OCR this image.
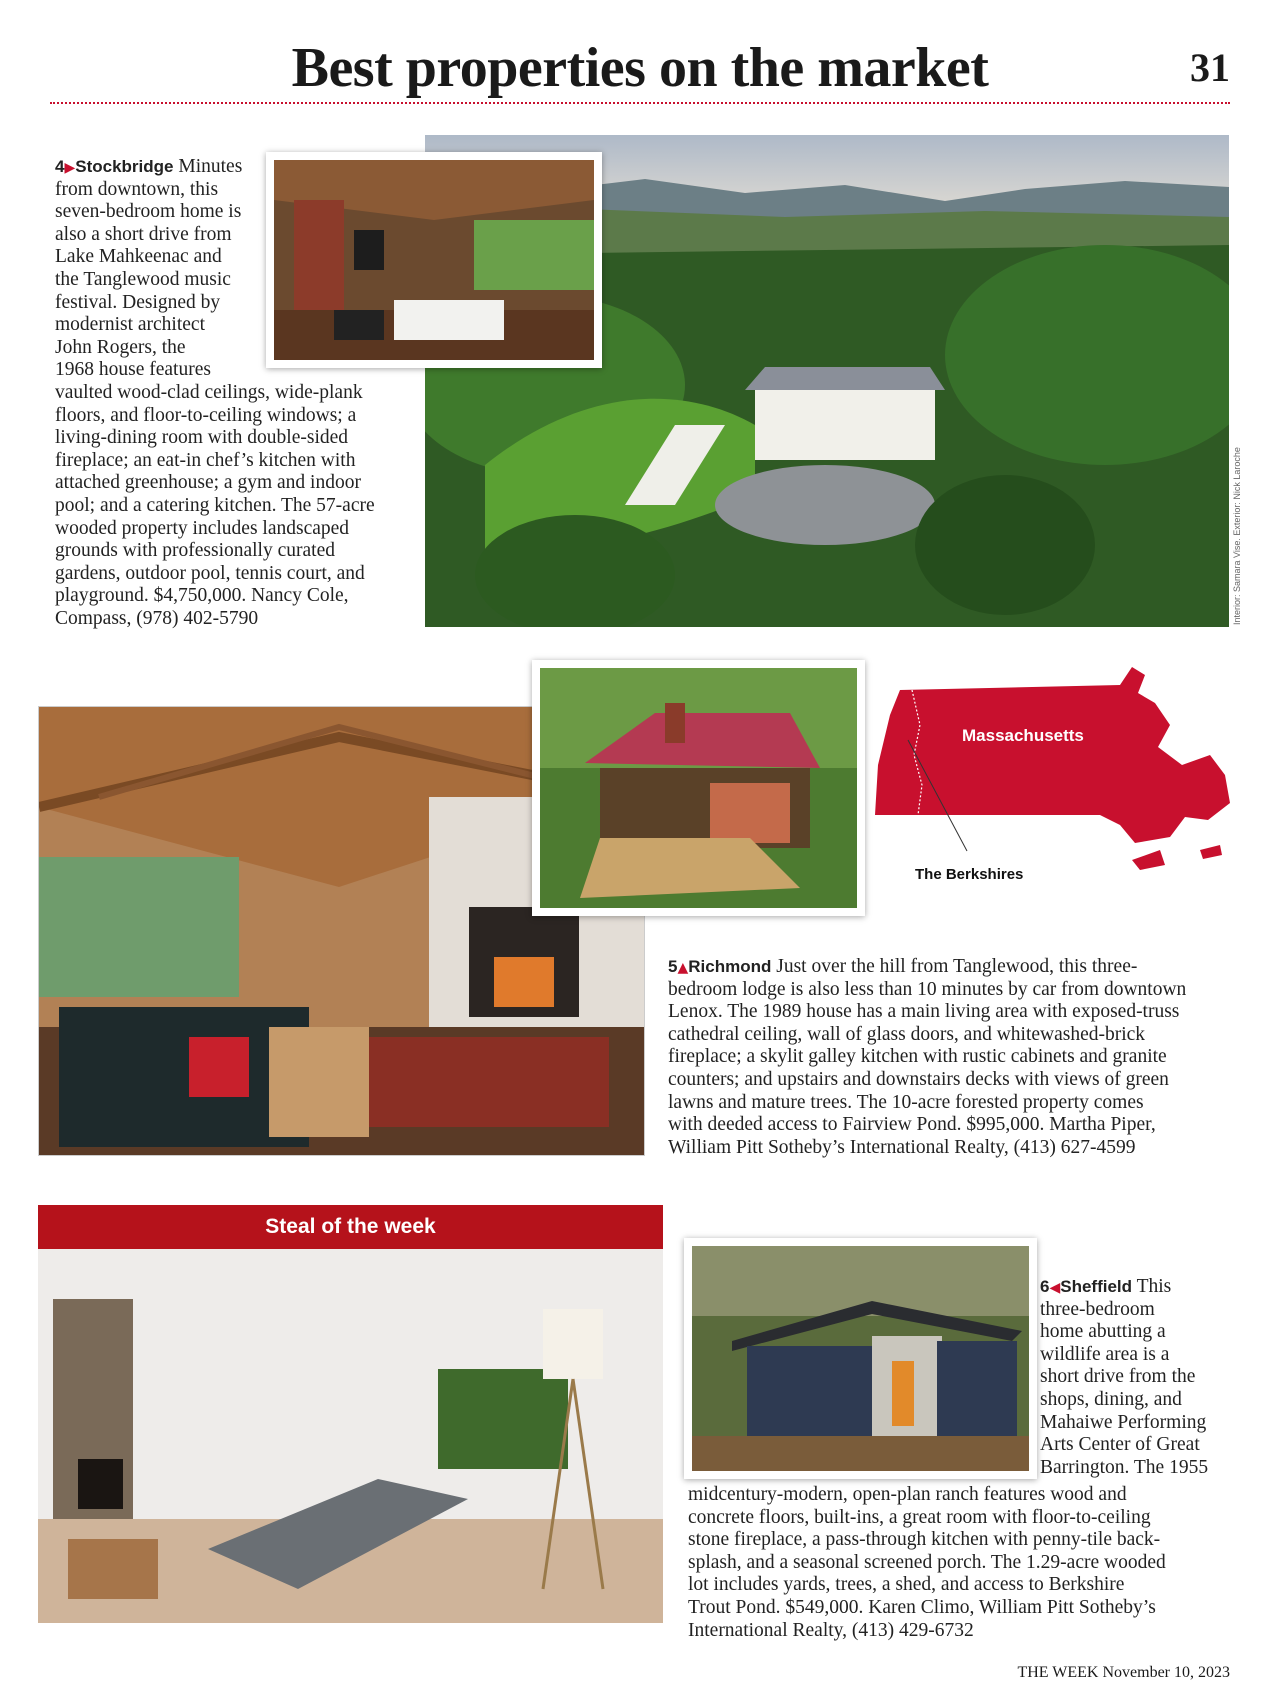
Best properties on the market	31
4▶Stockbridge Minutes
from downtown, this
seven-bedroom home is
also a short drive from
Lake Mahkeenac and
the Tanglewood music
festival. Designed by
modernist architect
John Rogers, the
1968 house features
vaulted wood-clad ceilings, wide-plank
floors, and floor-to-ceiling windows; a
living-dining room with double-sided
fireplace; an eat-in chef’s kitchen with
attached greenhouse; a gym and indoor
pool; and a catering kitchen. The 57-acre
wooded property includes landscaped
grounds with professionally curated
gardens, outdoor pool, tennis court, and
playground. $4,750,000. Nancy Cole,
Compass, (978) 402-5790	Interior: Samara Vise. Exterior: Nick Laroche
Massachusetts
The Berkshires
5▲Richmond Just over the hill from Tanglewood, this three-
bedroom lodge is also less than 10 minutes by car from downtown
Lenox. The 1989 house has a main living area with exposed-truss
cathedral ceiling, wall of glass doors, and whitewashed-brick
fireplace; a skylit galley kitchen with rustic cabinets and granite
counters; and upstairs and downstairs decks with views of green
lawns and mature trees. The 10-acre forested property comes
with deeded access to Fairview Pond. $995,000. Martha Piper,
William Pitt Sotheby’s International Realty, (413) 627-4599
Steal of the week
6◀Sheffield This
three-bedroom
home abutting a
wildlife area is a
short drive from the
shops, dining, and
Mahaiwe Performing
Arts Center of Great
Barrington. The 1955
midcentury-modern, open-plan ranch features wood and
concrete floors, built-ins, a great room with floor-to-ceiling
stone fireplace, a pass-through kitchen with penny-tile back-
splash, and a seasonal screened porch. The 1.29-acre wooded
lot includes yards, trees, a shed, and access to Berkshire
Trout Pond. $549,000. Karen Climo, William Pitt Sotheby’s
International Realty, (413) 429-6732
THE WEEK November 10, 2023
